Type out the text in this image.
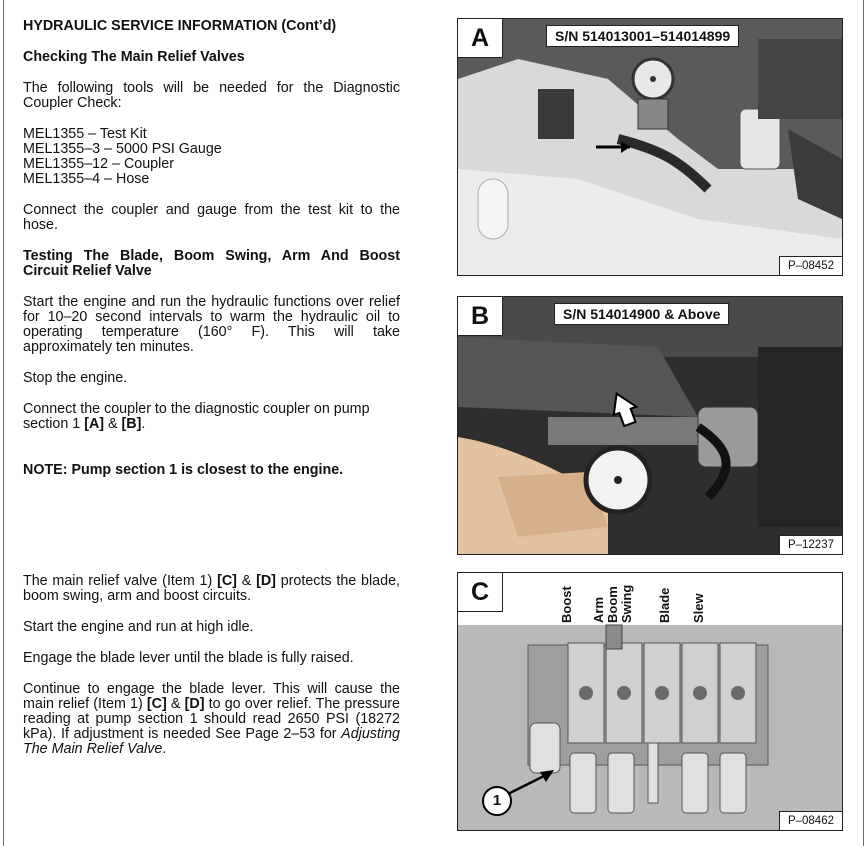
HYDRAULIC SERVICE INFORMATION (Cont’d)

Checking The Main Relief Valves

The following tools will be needed for the Diagnostic Coupler Check:

MEL1355 – Test Kit

MEL1355–3 – 5000 PSI Gauge

MEL1355–12 – Coupler

MEL1355–4 – Hose

Connect the coupler and gauge from the test kit to the hose.

Testing The Blade, Boom Swing, Arm And Boost Circuit Relief Valve

Start the engine and run the hydraulic functions over relief for 10–20 second intervals to warm the hydraulic oil to operating temperature (160° F). This will take approximately ten minutes.

Stop the engine.

Connect the coupler to the diagnostic coupler on pump section 1 [A] & [B].

NOTE: Pump section 1 is closest to the engine.

The main relief valve (Item 1) [C] & [D] protects the blade, boom swing, arm and boost circuits.

Start the engine and run at high idle.

Engage the blade lever until the blade is fully raised.

Continue to engage the blade lever. This will cause the main relief (Item 1) [C] & [D] to go over relief. The pressure reading at pump section 1 should read 2650 PSI (18272 kPa). If adjustment is needed See Page 2–53 for Adjusting The Main Relief Valve.

A	S/N 514013001–514014899
P–08452
B	S/N 514014900 & Above
P–12237
C	Boost Arm Boom Swing Blade Slew
1
P–08462
